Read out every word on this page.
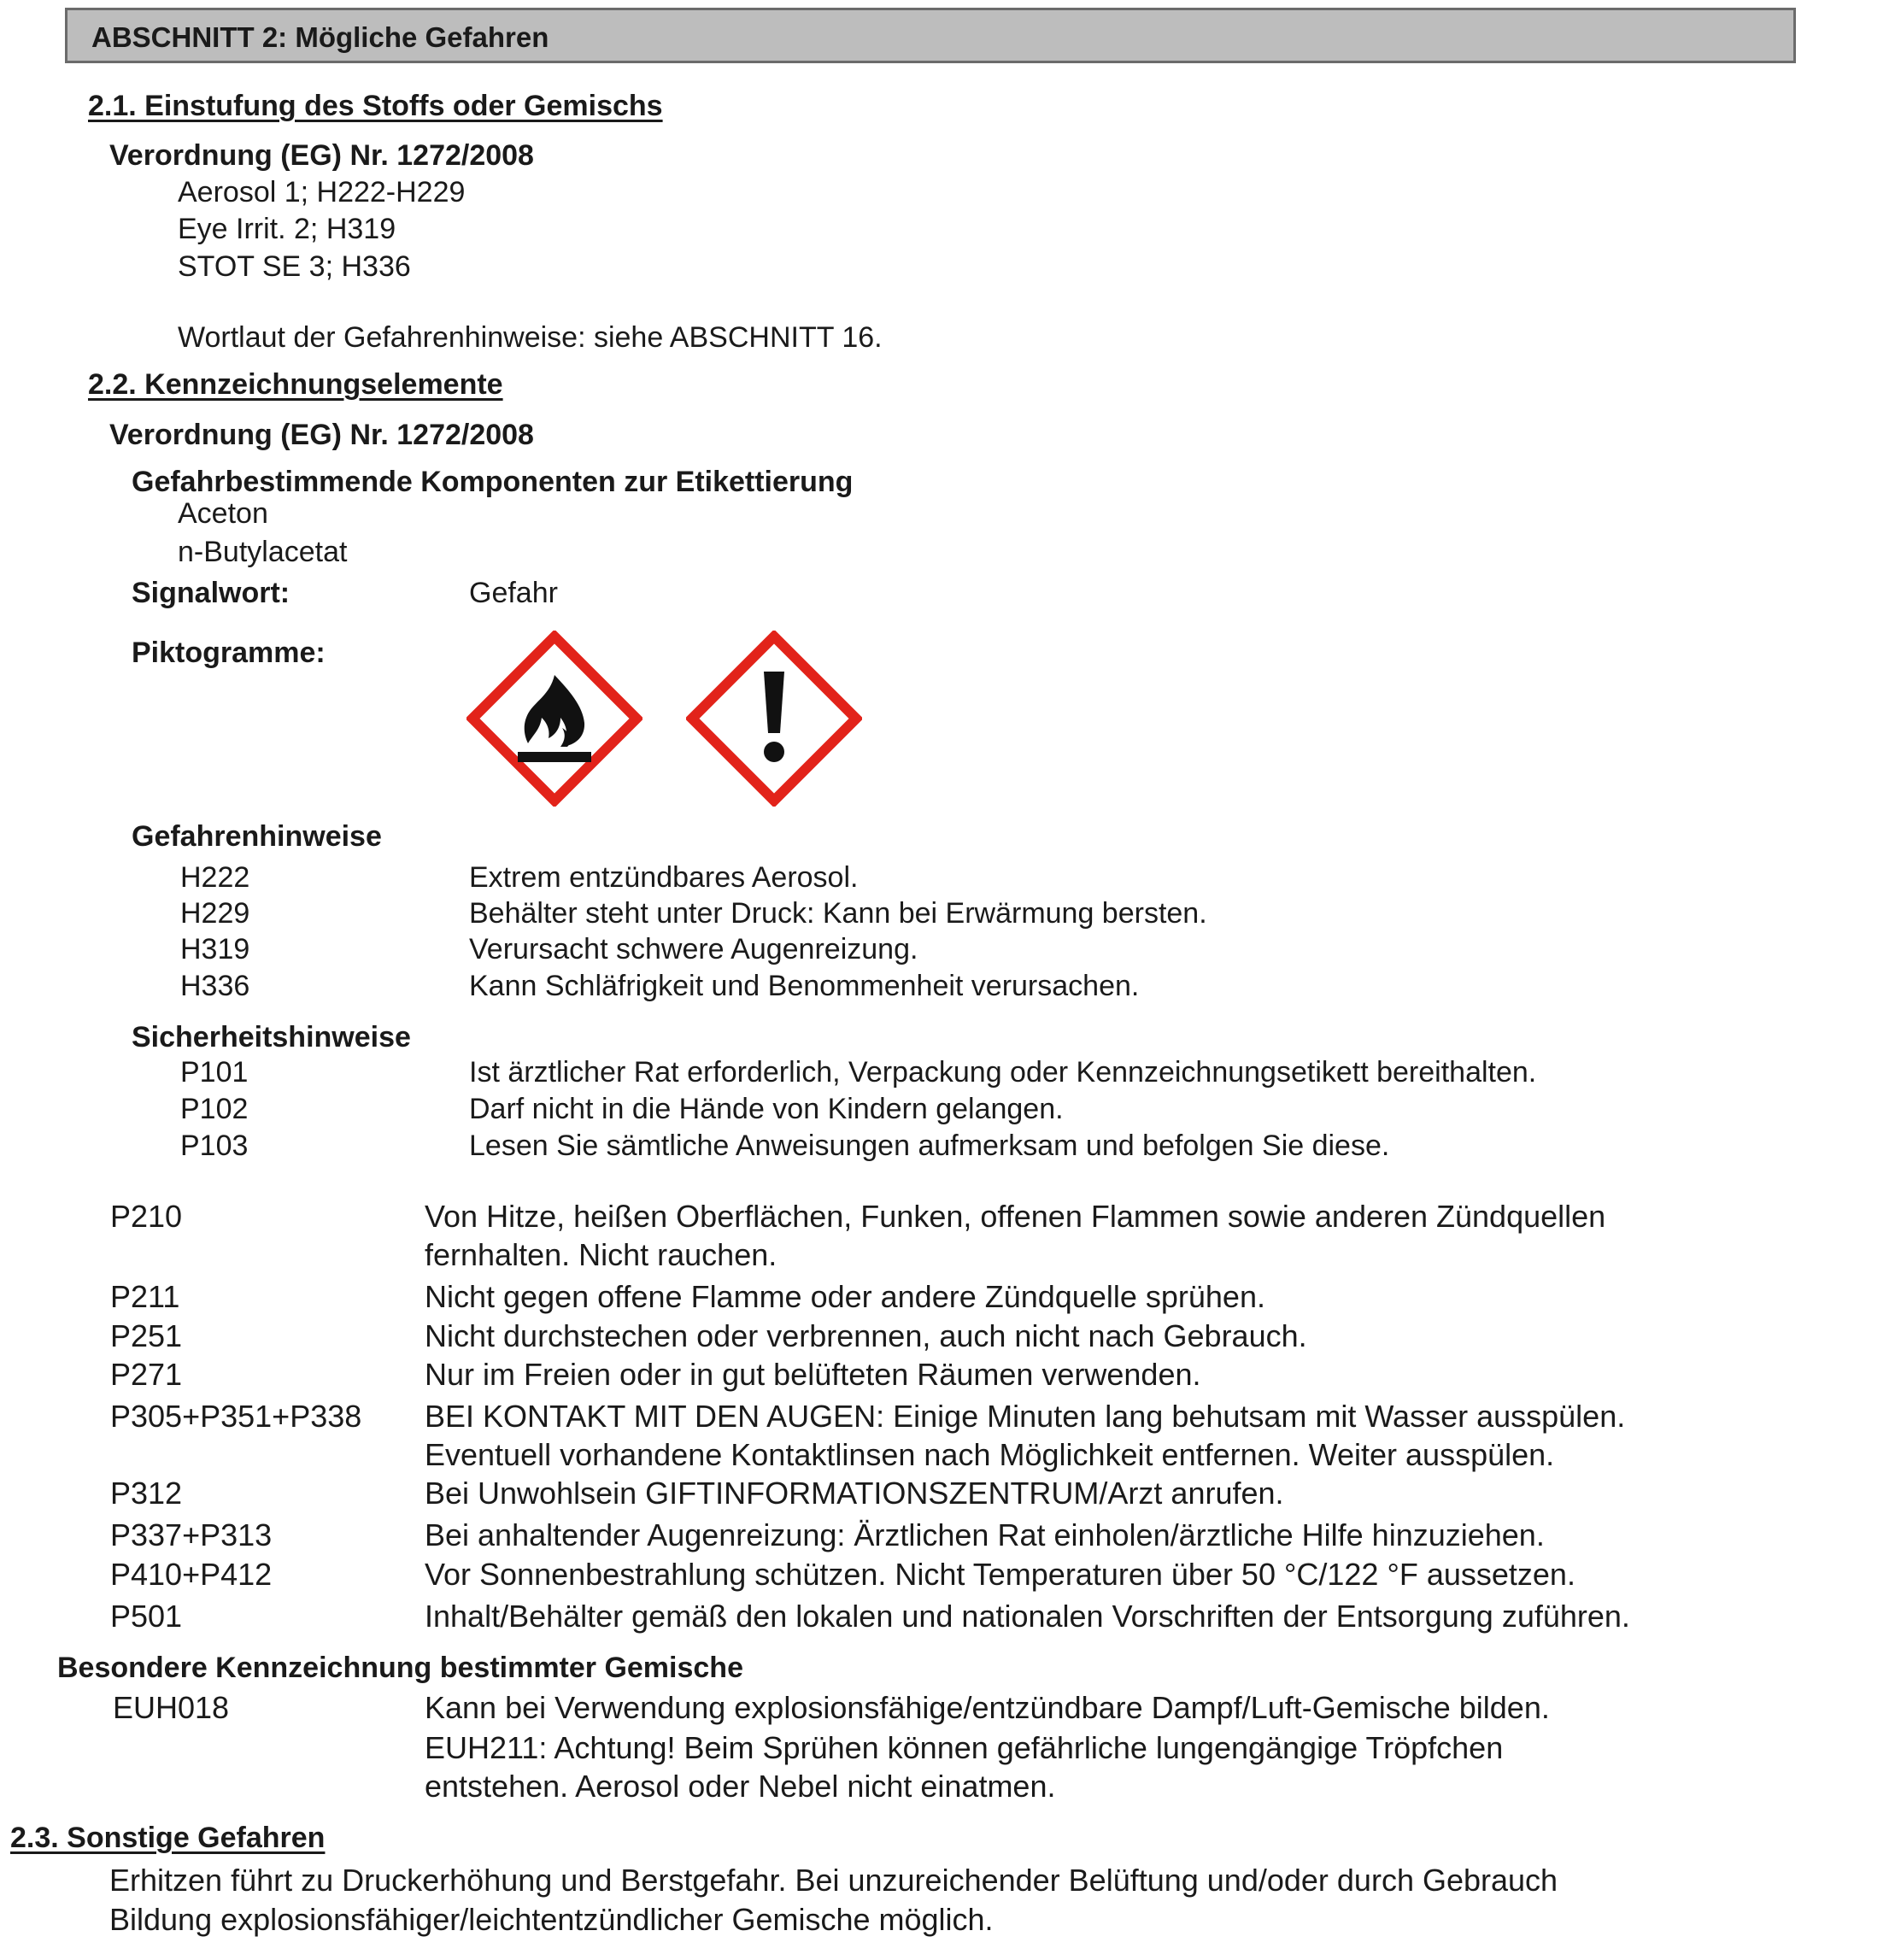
ABSCHNITT 2: Mögliche Gefahren
2.1. Einstufung des Stoffs oder Gemischs
Verordnung (EG) Nr. 1272/2008
Aerosol 1; H222-H229
Eye Irrit. 2; H319
STOT SE 3; H336
Wortlaut der Gefahrenhinweise: siehe ABSCHNITT 16.
2.2. Kennzeichnungselemente
Verordnung (EG) Nr. 1272/2008
Gefahrbestimmende Komponenten zur Etikettierung
Aceton
n-Butylacetat
Signalwort:	Gefahr
Piktogramme:
Gefahrenhinweise
H222	Extrem entzündbares Aerosol.
H229	Behälter steht unter Druck: Kann bei Erwärmung bersten.
H319	Verursacht schwere Augenreizung.
H336	Kann Schläfrigkeit und Benommenheit verursachen.
Sicherheitshinweise
P101	Ist ärztlicher Rat erforderlich, Verpackung oder Kennzeichnungsetikett bereithalten.
P102	Darf nicht in die Hände von Kindern gelangen.
P103	Lesen Sie sämtliche Anweisungen aufmerksam und befolgen Sie diese.
P210	Von Hitze, heißen Oberflächen, Funken, offenen Flammen sowie anderen Zündquellen
fernhalten. Nicht rauchen.
P211	Nicht gegen offene Flamme oder andere Zündquelle sprühen.
P251	Nicht durchstechen oder verbrennen, auch nicht nach Gebrauch.
P271	Nur im Freien oder in gut belüfteten Räumen verwenden.
P305+P351+P338 BEI KONTAKT MIT DEN AUGEN: Einige Minuten lang behutsam mit Wasser ausspülen.
Eventuell vorhandene Kontaktlinsen nach Möglichkeit entfernen. Weiter ausspülen.
P312	Bei Unwohlsein GIFTINFORMATIONSZENTRUM/Arzt anrufen.
P337+P313	Bei anhaltender Augenreizung: Ärztlichen Rat einholen/ärztliche Hilfe hinzuziehen.
P410+P412	Vor Sonnenbestrahlung schützen. Nicht Temperaturen über 50 °C/122 °F aussetzen.
P501	Inhalt/Behälter gemäß den lokalen und nationalen Vorschriften der Entsorgung zuführen.
Besondere Kennzeichnung bestimmter Gemische
EUH018	Kann bei Verwendung explosionsfähige/entzündbare Dampf/Luft-Gemische bilden.
EUH211: Achtung! Beim Sprühen können gefährliche lungengängige Tröpfchen
entstehen. Aerosol oder Nebel nicht einatmen.
2.3. Sonstige Gefahren
Erhitzen führt zu Druckerhöhung und Berstgefahr. Bei unzureichender Belüftung und/oder durch Gebrauch
Bildung explosionsfähiger/leichtentzündlicher Gemische möglich.
